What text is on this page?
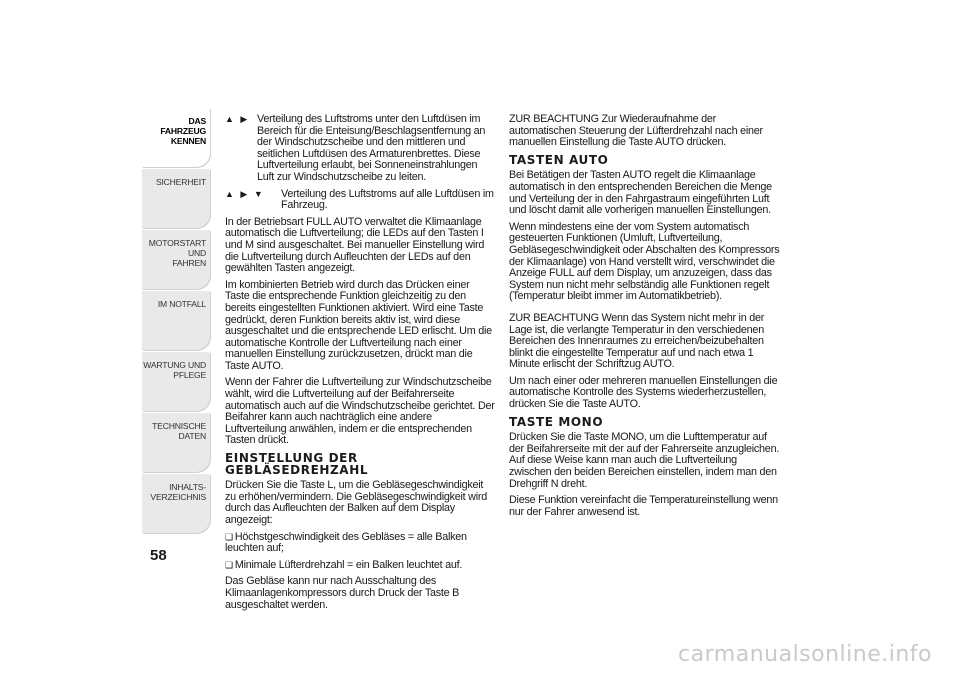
DAS FAHRZEUG
KENNEN
SICHERHEIT
MOTORSTART UND
FAHREN
IM NOTFALL
WARTUNG UND
PFLEGE
TECHNISCHE DATEN
INHALTS-
VERZEICHNIS
58

▲ ▶ Verteilung des Luftstroms unter den Luftdüsen im Bereich für die Enteisung/Beschlagsentfernung an der Windschutzscheibe und den mittleren und seitlichen Luftdüsen des Armaturenbrettes. Diese Luftverteilung erlaubt, bei Sonneneinstrahlungen Luft zur Windschutzscheibe zu leiten.

▲ ▶ ▼ Verteilung des Luftstroms auf alle Luftdüsen im Fahrzeug.

In der Betriebsart FULL AUTO verwaltet die Klimaanlage automatisch die Luftverteilung; die LEDs auf den Tasten I und M sind ausgeschaltet. Bei manueller Einstellung wird die Luftverteilung durch Aufleuchten der LEDs auf den gewählten Tasten angezeigt.

Im kombinierten Betrieb wird durch das Drücken einer Taste die entsprechende Funktion gleichzeitig zu den bereits eingestellten Funktionen aktiviert. Wird eine Taste gedrückt, deren Funktion bereits aktiv ist, wird diese ausgeschaltet und die entsprechende LED erlischt. Um die automatische Kontrolle der Luftverteilung nach einer manuellen Einstellung zurückzusetzen, drückt man die Taste AUTO.

Wenn der Fahrer die Luftverteilung zur Windschutzscheibe wählt, wird die Luftverteilung auf der Beifahrerseite automatisch auch auf die Windschutzscheibe gerichtet. Der Beifahrer kann auch nachträglich eine andere Luftverteilung anwählen, indem er die entsprechenden Tasten drückt.

EINSTELLUNG DER GEBLÄSEDREHZAHL

Drücken Sie die Taste L, um die Gebläsegeschwindigkeit zu erhöhen/vermindern. Die Gebläsegeschwindigkeit wird durch das Aufleuchten der Balken auf dem Display angezeigt:

❑ Höchstgeschwindigkeit des Gebläses = alle Balken leuchten auf;

❑ Minimale Lüfterdrehzahl = ein Balken leuchtet auf.

Das Gebläse kann nur nach Ausschaltung des Klimaanlagenkompressors durch Druck der Taste B ausgeschaltet werden.

ZUR BEACHTUNG Zur Wiederaufnahme der automatischen Steuerung der Lüfterdrehzahl nach einer manuellen Einstellung die Taste AUTO drücken.

TASTEN AUTO

Bei Betätigen der Tasten AUTO regelt die Klimaanlage automatisch in den entsprechenden Bereichen die Menge und Verteilung der in den Fahrgastraum eingeführten Luft und löscht damit alle vorherigen manuellen Einstellungen.

Wenn mindestens eine der vom System automatisch gesteuerten Funktionen (Umluft, Luftverteilung, Gebläsegeschwindigkeit oder Abschalten des Kompressors der Klimaanlage) von Hand verstellt wird, verschwindet die Anzeige FULL auf dem Display, um anzuzeigen, dass das System nun nicht mehr selbständig alle Funktionen regelt (Temperatur bleibt immer im Automatikbetrieb).

ZUR BEACHTUNG Wenn das System nicht mehr in der Lage ist, die verlangte Temperatur in den verschiedenen Bereichen des Innenraumes zu erreichen/beizubehalten blinkt die eingestellte Temperatur auf und nach etwa 1 Minute erlischt der Schriftzug AUTO.

Um nach einer oder mehreren manuellen Einstellungen die automatische Kontrolle des Systems wiederherzustellen, drücken Sie die Taste AUTO.

TASTE MONO

Drücken Sie die Taste MONO, um die Lufttemperatur auf der Beifahrerseite mit der auf der Fahrerseite anzugleichen. Auf diese Weise kann man auch die Luftverteilung zwischen den beiden Bereichen einstellen, indem man den Drehgriff N dreht.

Diese Funktion vereinfacht die Temperatureinstellung wenn nur der Fahrer anwesend ist.

carmanualsonline.info
